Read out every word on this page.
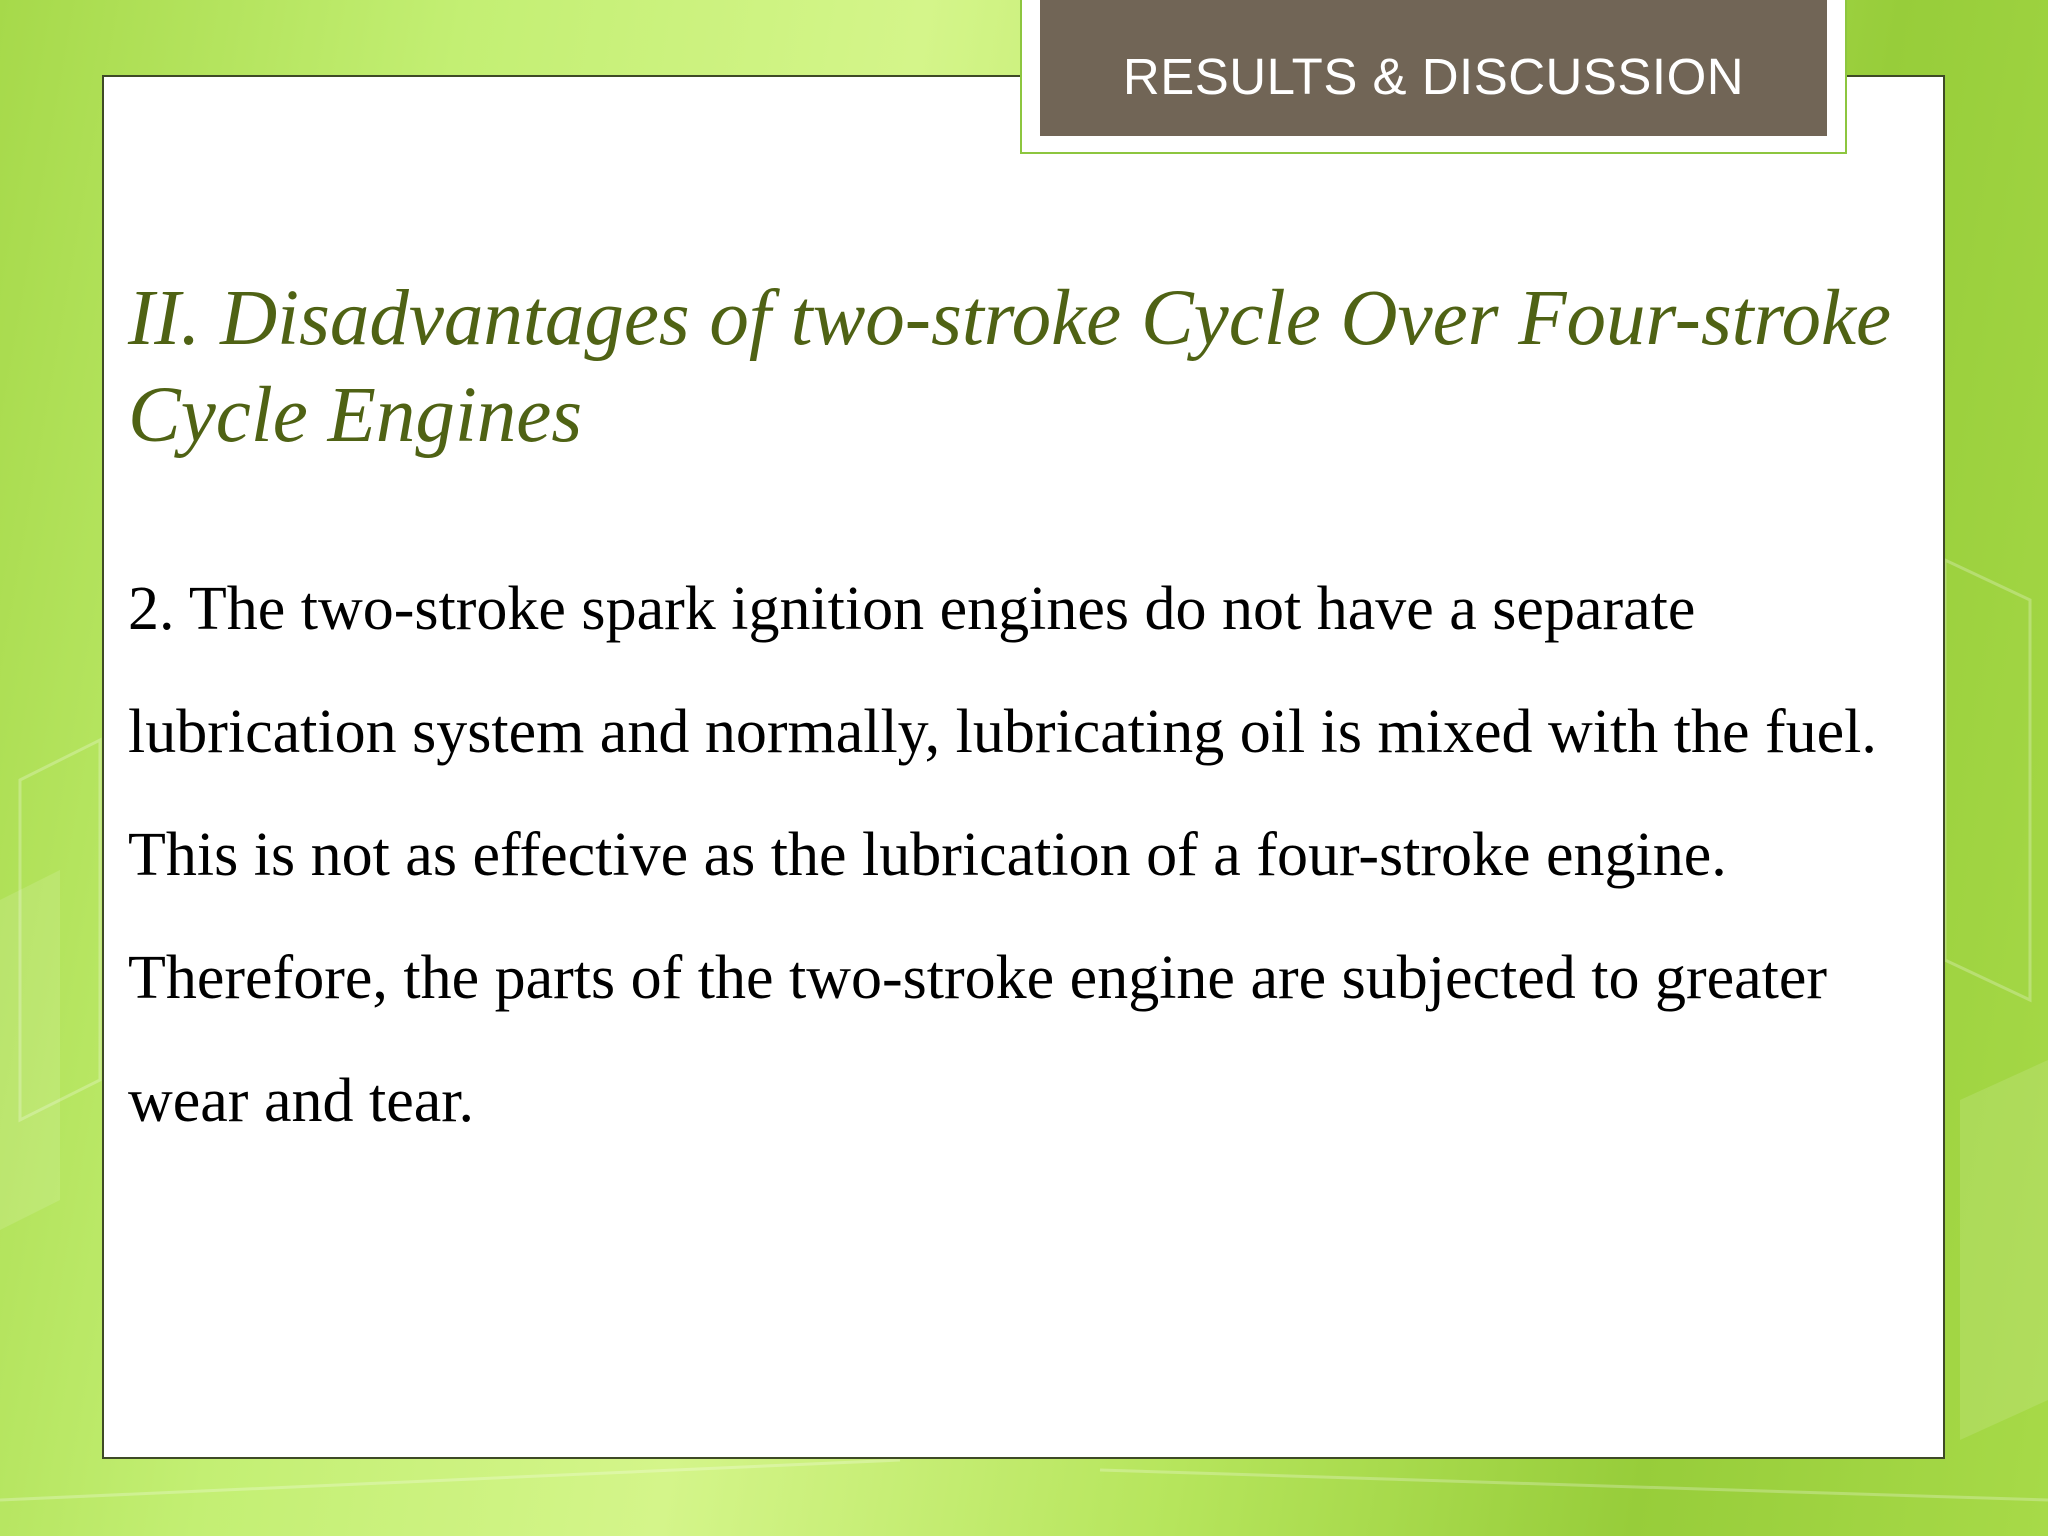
RESULTS & DISCUSSION
II. Disadvantages of two-stroke Cycle Over Four-stroke Cycle Engines

2. The two-stroke spark ignition engines do not have a separate lubrication system and normally, lubricating oil is mixed with the fuel. This is not as effective as the lubrication of a four-stroke engine. Therefore, the parts of the two-stroke engine are subjected to greater wear and tear.
